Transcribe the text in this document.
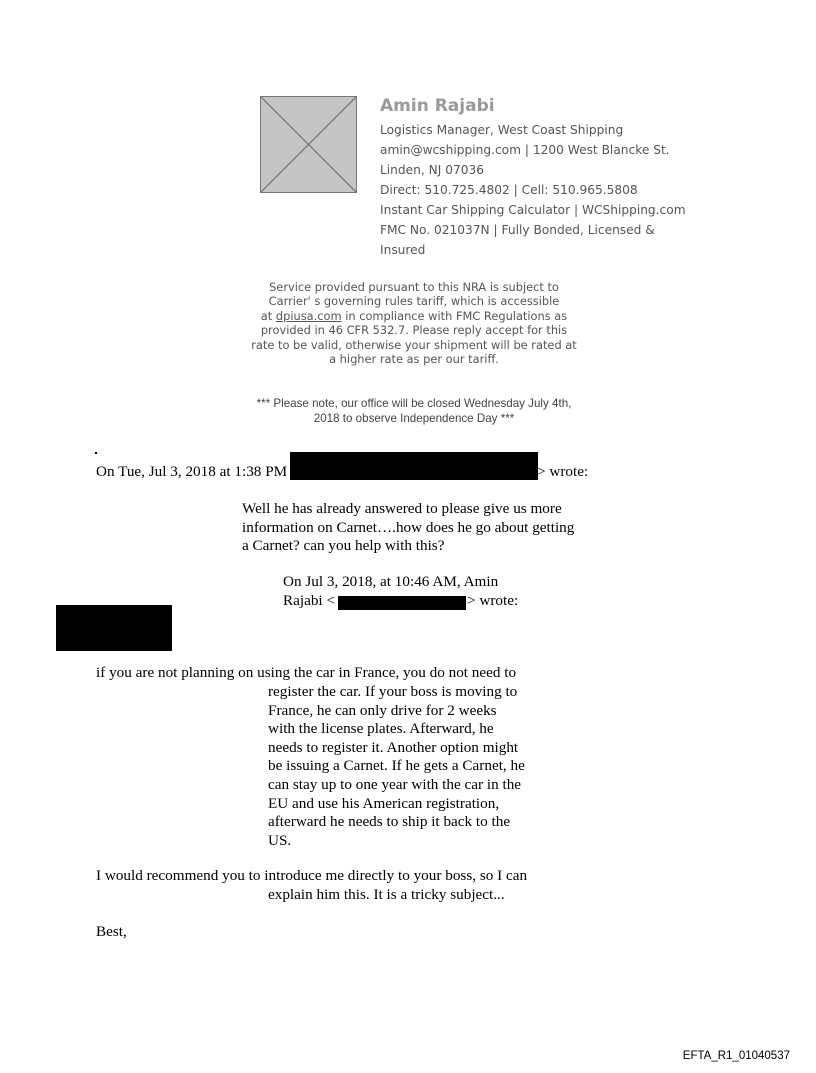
Amin Rajabi
Logistics Manager, West Coast Shipping
amin@wcshipping.com | 1200 West Blancke St.
Linden, NJ 07036
Direct: 510.725.4802 | Cell: 510.965.5808
Instant Car Shipping Calculator | WCShipping.com
FMC No. 021037N | Fully Bonded, Licensed &
Insured
Service provided pursuant to this NRA is subject to
Carrier' s governing rules tariff, which is accessible
at dpiusa.com in compliance with FMC Regulations as
provided in 46 CFR 532.7. Please reply accept for this
rate to be valid, otherwise your shipment will be rated at
a higher rate as per our tariff.
*** Please note, our office will be closed Wednesday July 4th,
2018 to observe Independence Day ***
On Tue, Jul 3, 2018 at 1:38 PM	> wrote:
Well he has already answered to please give us more
information on Carnet….how does he go about getting
a Carnet? can you help with this?
On Jul 3, 2018, at 10:46 AM, Amin
Rajabi <	> wrote:
if you are not planning on using the car in France, you do not need to
register the car. If your boss is moving to
France, he can only drive for 2 weeks
with the license plates. Afterward, he
needs to register it. Another option might
be issuing a Carnet. If he gets a Carnet, he
can stay up to one year with the car in the
EU and use his American registration,
afterward he needs to ship it back to the
US.
I would recommend you to introduce me directly to your boss, so I can
explain him this. It is a tricky subject...
Best,
EFTA_R1_01040537
